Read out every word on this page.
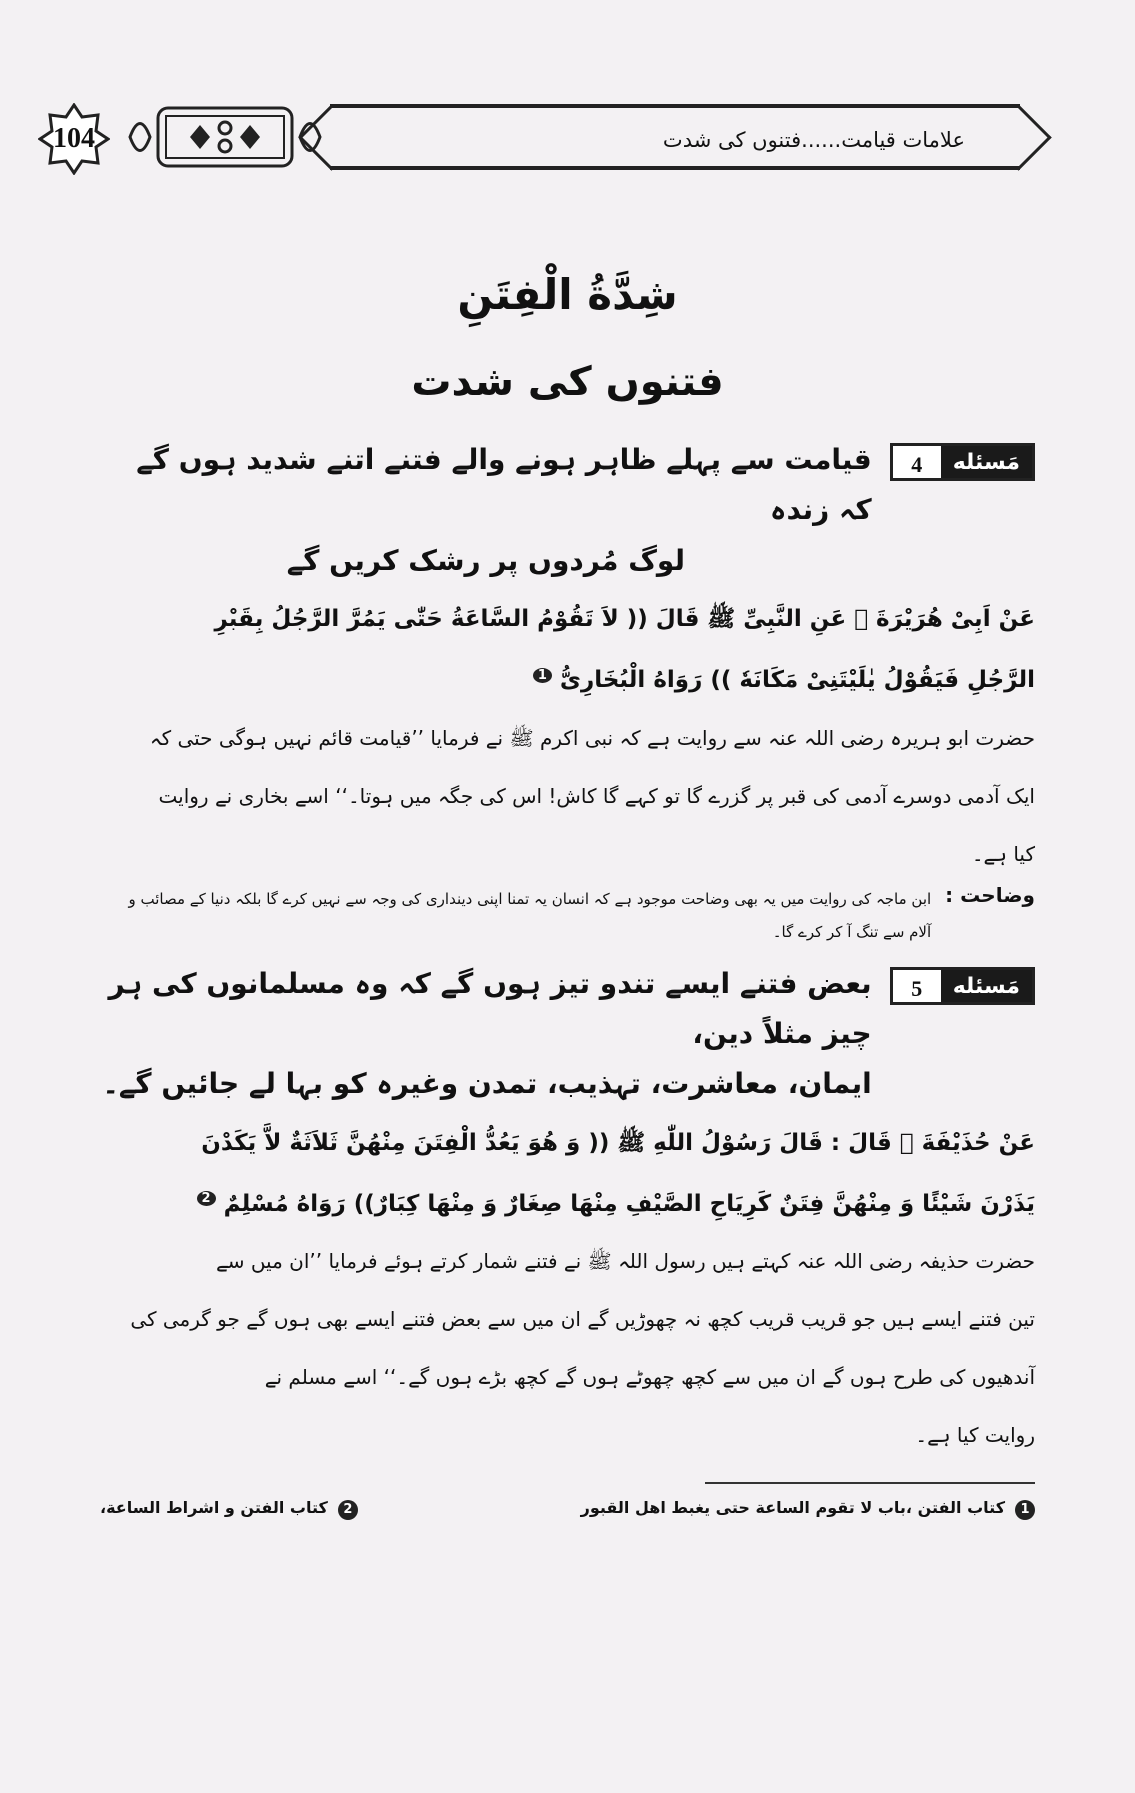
104	علامات قیامت......فتنوں کی شدت
شِدَّةُ الْفِتَنِ
فتنوں کی شدت
4	مَسئله
قیامت سے پہلے ظاہر ہونے والے فتنے اتنے شدید ہوں گے کہ زندہ
لوگ مُردوں پر رشک کریں گے
عَنْ اَبِیْ هُرَیْرَةَ ﷛ عَنِ النَّبِیِّ ﷺ قَالَ (( لاَ تَقُوْمُ السَّاعَةُ حَتّٰی یَمُرَّ الرَّجُلُ بِقَبْرِ
الرَّجُلِ فَیَقُوْلُ یٰلَیْتَنِیْ مَكَانَهٗ )) رَوَاهُ الْبُخَارِیُّ $^1$
حضرت ابو ہریرہ رضی اللہ عنہ سے روایت ہے کہ نبی اکرم ﷺ نے فرمایا ’’قیامت قائم نہیں ہوگی حتی کہ
ایک آدمی دوسرے آدمی کی قبر پر گزرے گا تو کہے گا کاش! اس کی جگہ میں ہوتا۔‘‘ اسے بخاری نے روایت
کیا ہے۔
وضاحت :
ابن ماجہ کی روایت میں یہ بھی وضاحت موجود ہے کہ انسان یہ تمنا اپنی دینداری کی وجہ سے نہیں کرے گا بلکہ دنیا کے مصائب و
آلام سے تنگ آ کر کرے گا۔
5	مَسئله
بعض فتنے ایسے تندو تیز ہوں گے کہ وہ مسلمانوں کی ہر چیز مثلاً دین،
ایمان، معاشرت، تہذیب، تمدن وغیرہ کو بہا لے جائیں گے۔
عَنْ حُذَیْفَةَ ﷛ قَالَ : قَالَ رَسُوْلُ اللّٰهِ ﷺ (( وَ هُوَ یَعُدُّ الْفِتَنَ مِنْهُنَّ ثَلاَثَةٌ لاَّ یَكَدْنَ
یَذَرْنَ شَیْئًا وَ مِنْهُنَّ فِتَنٌ كَرِیَاحِ الصَّیْفِ مِنْهَا صِغَارٌ وَ مِنْهَا كِبَارٌ)) رَوَاهُ مُسْلِمٌ $^2$
حضرت حذیفہ رضی اللہ عنہ کہتے ہیں رسول اللہ ﷺ نے فتنے شمار کرتے ہوئے فرمایا ’’ان میں سے
تین فتنے ایسے ہیں جو قریب قریب کچھ نہ چھوڑیں گے ان میں سے بعض فتنے ایسے بھی ہوں گے جو گرمی کی
آندھیوں کی طرح ہوں گے ان میں سے کچھ چھوٹے ہوں گے کچھ بڑے ہوں گے۔‘‘ اسے مسلم نے
روایت کیا ہے۔
1كتاب الفتن ،باب لا تقوم الساعة حتی یغبط اهل القبور
2كتاب الفتن و اشراط الساعة،
